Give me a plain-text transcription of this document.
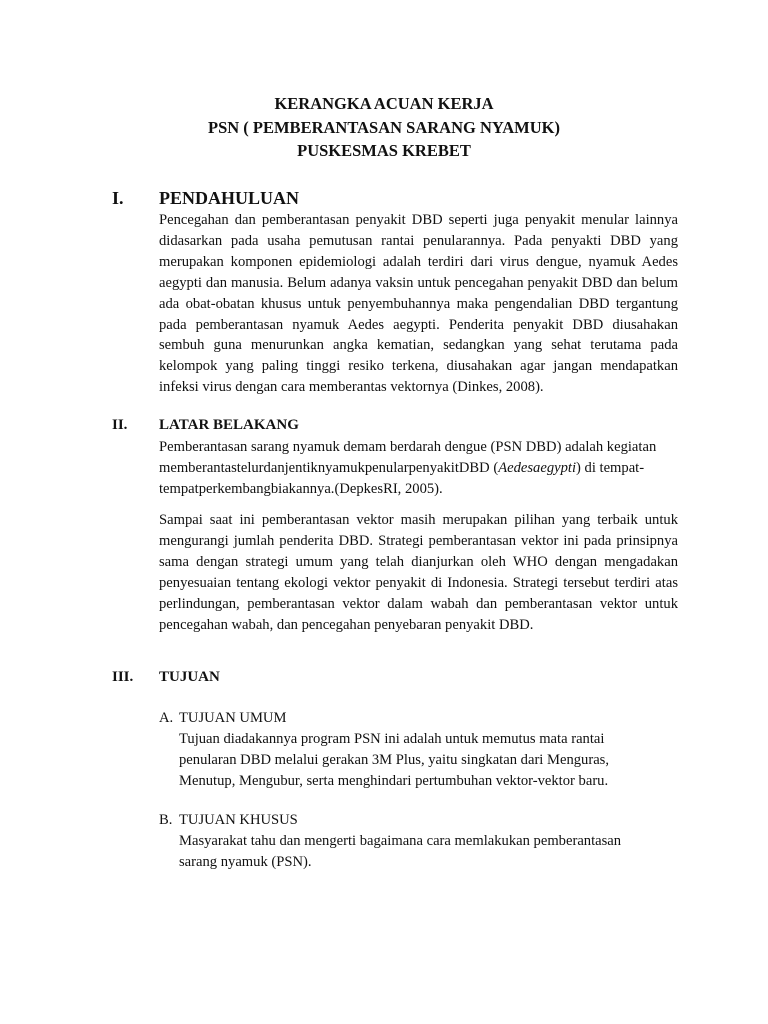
KERANGKA ACUAN KERJA
PSN ( PEMBERANTASAN SARANG NYAMUK)
PUSKESMAS KREBET
I. PENDAHULUAN

Pencegahan dan pemberantasan penyakit DBD seperti juga penyakit menular lainnya didasarkan pada usaha pemutusan rantai penularannya. Pada penyakti DBD yang merupakan komponen epidemiologi adalah terdiri dari virus dengue, nyamuk Aedes aegypti dan manusia. Belum adanya vaksin untuk pencegahan penyakit DBD dan belum ada obat-obatan khusus untuk penyembuhannya maka pengendalian DBD tergantung pada pemberantasan nyamuk Aedes aegypti. Penderita penyakit DBD diusahakan sembuh guna menurunkan angka kematian, sedangkan yang sehat terutama pada kelompok yang paling tinggi resiko terkena, diusahakan agar jangan mendapatkan infeksi virus dengan cara memberantas vektornya (Dinkes, 2008).

II. LATAR BELAKANG
Pemberantasan sarang nyamuk demam berdarah dengue (PSN DBD) adalah kegiatan
memberantastelurdanjentiknyamukpenularpenyakitDBD (Aedesaegypti) di tempat-
tempatperkembangbiakannya.(DepkesRI, 2005).

Sampai saat ini pemberantasan vektor masih merupakan pilihan yang terbaik untuk mengurangi jumlah penderita DBD. Strategi pemberantasan vektor ini pada prinsipnya sama dengan strategi umum yang telah dianjurkan oleh WHO dengan mengadakan penyesuaian tentang ekologi vektor penyakit di Indonesia. Strategi tersebut terdiri atas perlindungan, pemberantasan vektor dalam wabah dan pemberantasan vektor untuk pencegahan wabah, dan pencegahan penyebaran penyakit DBD.

III. TUJUAN
A. TUJUAN UMUM
Tujuan diadakannya program PSN ini adalah untuk memutus mata rantai
penularan DBD melalui gerakan 3M Plus, yaitu singkatan dari Menguras,
Menutup, Mengubur, serta menghindari pertumbuhan vektor-vektor baru.
B. TUJUAN KHUSUS
Masyarakat tahu dan mengerti bagaimana cara memlakukan pemberantasan
sarang nyamuk (PSN).
